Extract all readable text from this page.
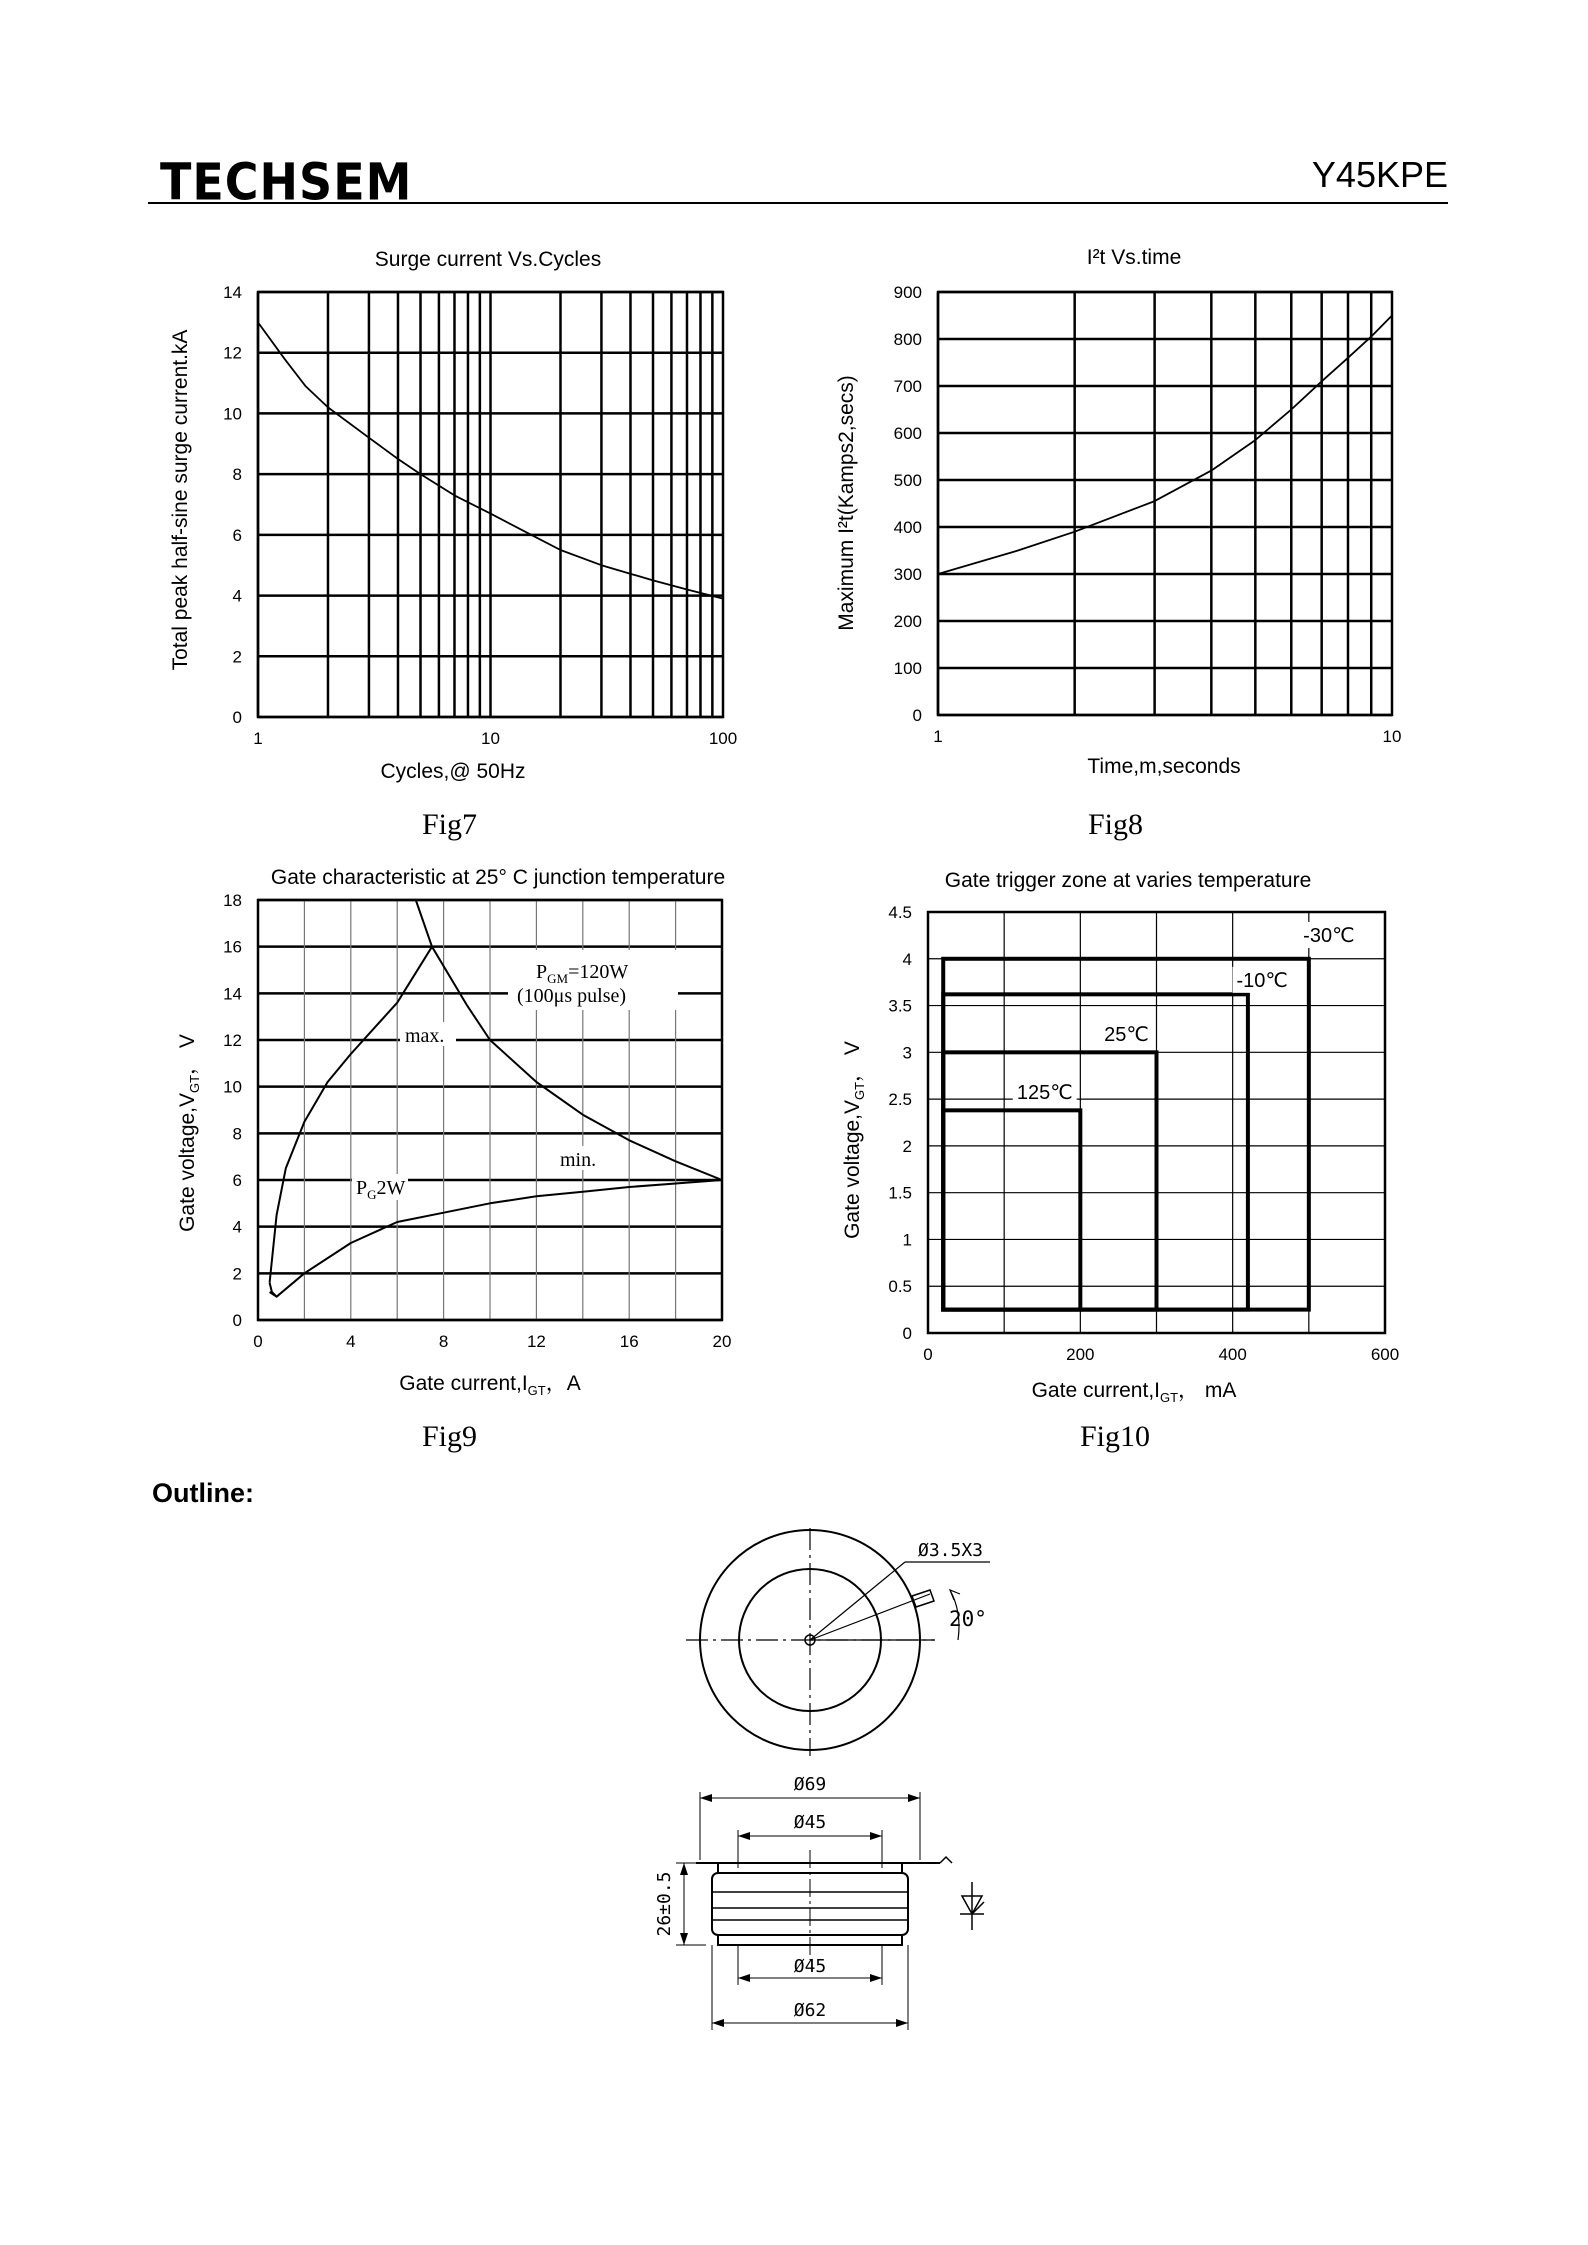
TECHSEM	Y45KPE
Surge current Vs.Cycles
0
2
4
6
8
10
12
14
1	10	100
Cycles,@ 50Hz
Total peak half-sine surge current.kA
I²t Vs.time
0
100
200
300
400
500
600
700
800
900
1	10
Time,m,seconds
Maximum I²t(Kamps2,secs)
Gate characteristic at 25° C junction temperature
0
2
4
6
8
10
12
14
16
18
0	4	8	12	16	20
$P_{GM}=120W$
(100μs pulse)
max.
min.
$P_G2W$
Gate $voltage,V_{GT}$， V
Gate $current,I_{GT}$，A
Gate trigger zone at varies temperature
0
0.5
1
1.5
2
2.5
3
3.5
4
4.5
0	200	400	600
-30℃
-10℃
25℃
125℃
Gate $voltage,V_{GT}$， V
Gate $current,I_{GT}$， mA
Ø3.5X3
20°
Ø69
Ø45
26±0.5
Ø45
Ø62
Fig7	Fig8
Fig9	Fig10
Outline:
